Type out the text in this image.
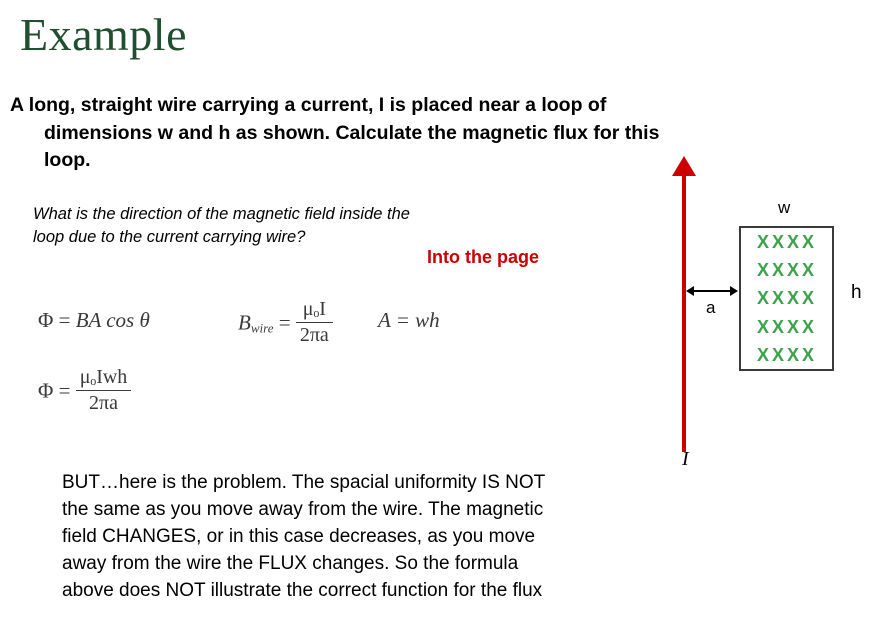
Example
A long, straight wire carrying a current, I is placed near a loop of
dimensions w and h as shown. Calculate the magnetic flux for this
loop.
What is the direction of the magnetic field inside the
loop due to the current carrying wire?
Into the page
Φ = BA cos θ	$B_{wire} = \frac{\text{μₒI}}{2\pi a}$ A = wh
$\Phi = \frac{\text{μₒIwh}}{2\pi a}$
I
w
XXXX
XXXX
XXXX
XXXX
XXXX
h
a
BUT…here is the problem. The spacial uniformity IS NOT
the same as you move away from the wire. The magnetic
field CHANGES, or in this case decreases, as you move
away from the wire the FLUX changes. So the formula
above does NOT illustrate the correct function for the flux
